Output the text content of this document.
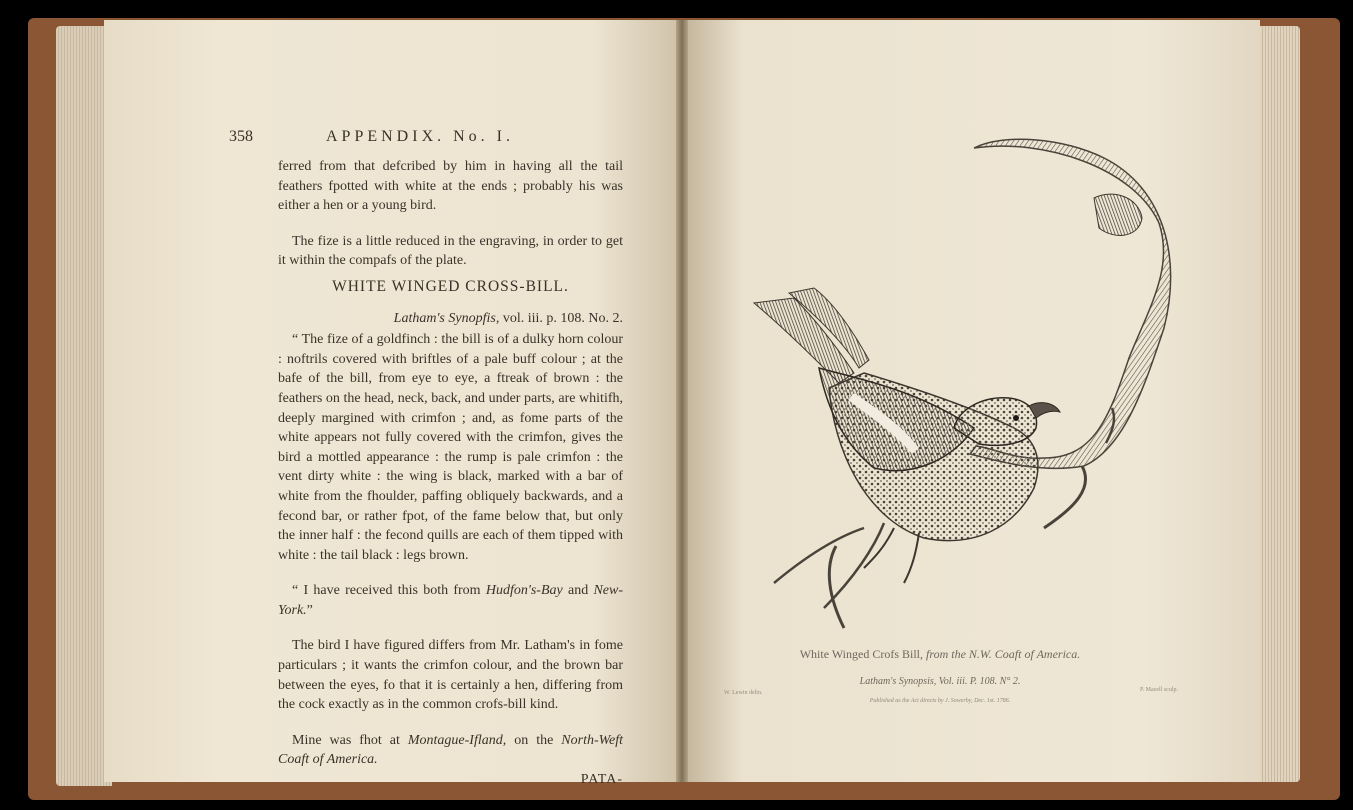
358	APPENDIX. No. I.

ferred from that defcribed by him in having all the tail feathers fpotted with white at the ends ; probably his was either a hen or a young bird.

The fize is a little reduced in the engraving, in order to get it within the compafs of the plate.

WHITE WINGED CROSS-BILL.

Latham's Synopfis, vol. iii. p. 108. No. 2.

“ The fize of a goldfinch : the bill is of a dulky horn colour : noftrils covered with briftles of a pale buff colour ; at the bafe of the bill, from eye to eye, a ftreak of brown : the feathers on the head, neck, back, and under parts, are whitifh, deeply margined with crimfon ; and, as fome parts of the white appears not fully covered with the crimfon, gives the bird a mottled appearance : the rump is pale crimfon : the vent dirty white : the wing is black, marked with a bar of white from the fhoulder, paffing obliquely backwards, and a fecond bar, or rather fpot, of the fame below that, but only the inner half : the fecond quills are each of them tipped with white : the tail black : legs brown.

“ I have received this both from Hudfon's-Bay and New-York.”

The bird I have figured differs from Mr. Latham's in fome particulars ; it wants the crimfon colour, and the brown bar between the eyes, fo that it is certainly a hen, differing from the cock exactly as in the common crofs-bill kind.

Mine was fhot at Montague-Ifland, on the North-Weft Coaft of America.

PATA-

White Winged Crofs Bill, from the N.W. Coaft of America.
Latham's Synopsis, Vol. iii. P. 108. N° 2.
W. Lewin delin.
Published as the Act directs by J. Sowerby, Dec. 1st. 1786.
P. Mazell sculp.
